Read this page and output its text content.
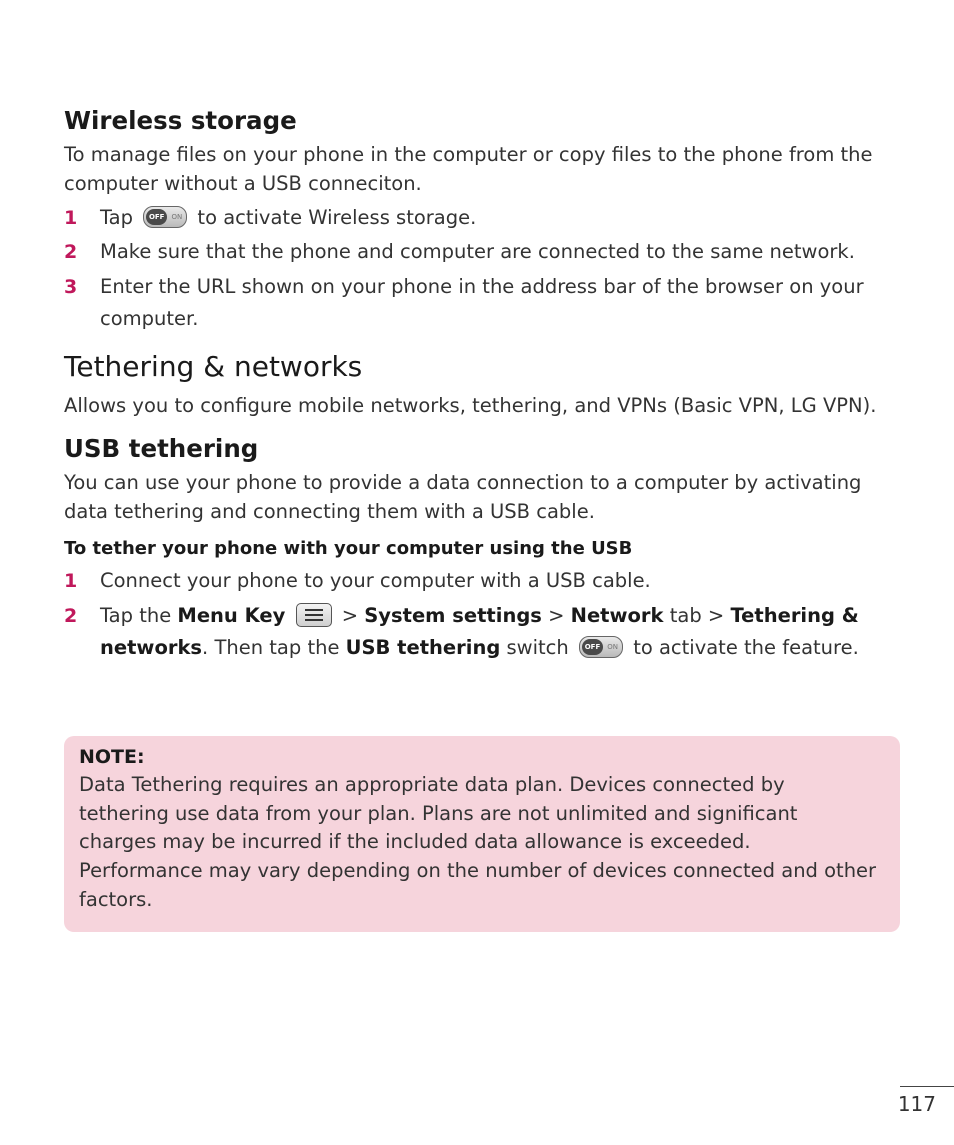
Wireless storage

To manage files on your phone in the computer or copy files to the phone from the computer without a USB conneciton.

1 Tap	OFF	ON to activate Wireless storage.
2 Make sure that the phone and computer are connected to the same network.
3 Enter the URL shown on your phone in the address bar of the browser on your computer.
Tethering & networks

Allows you to configure mobile networks, tethering, and VPNs (Basic VPN, LG VPN).

USB tethering

You can use your phone to provide a data connection to a computer by activating data tethering and connecting them with a USB cable.

To tether your phone with your computer using the USB
1 Connect your phone to your computer with a USB cable.
2 Tap the Menu Key	> System settings > Network tab > Tethering & networks. Then tap the USB tethering switch	OFF	ON to activate the feature.
NOTE:
Data Tethering requires an appropriate data plan. Devices connected by tethering use data from your plan. Plans are not unlimited and significant charges may be incurred if the included data allowance is exceeded. Performance may vary depending on the number of devices connected and other factors.
117
